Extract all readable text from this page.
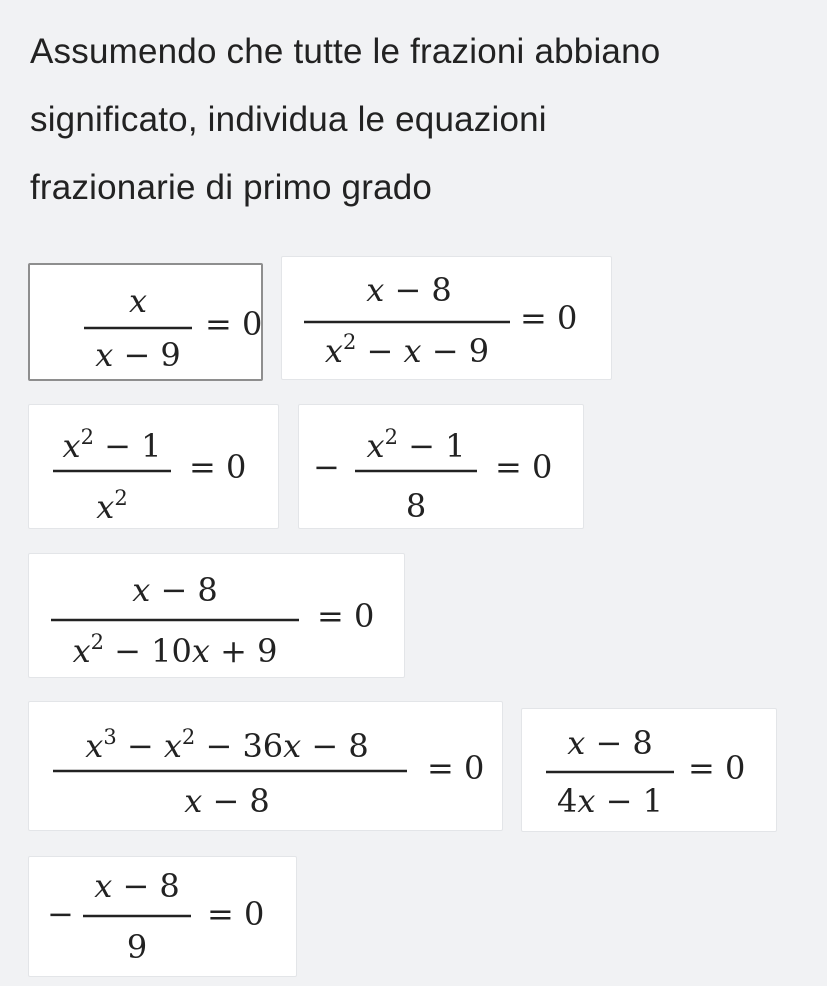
Assumendo che tutte le frazioni abbiano
significato, individua le equazioni
frazionarie di primo grado
x
x − 9
= 0
x − 8
$x^2 - x - 9$
= 0
$x^2 - 1$
$x^2$
= 0 −
$x^2 - 1$
8
= 0
x − 8
$x^2 - 10x + 9$
= 0
$x^3 - x^2 - 36x - 8$
x − 8
= 0
x − 8
4x − 1
= 0
−
x − 8
9
= 0
